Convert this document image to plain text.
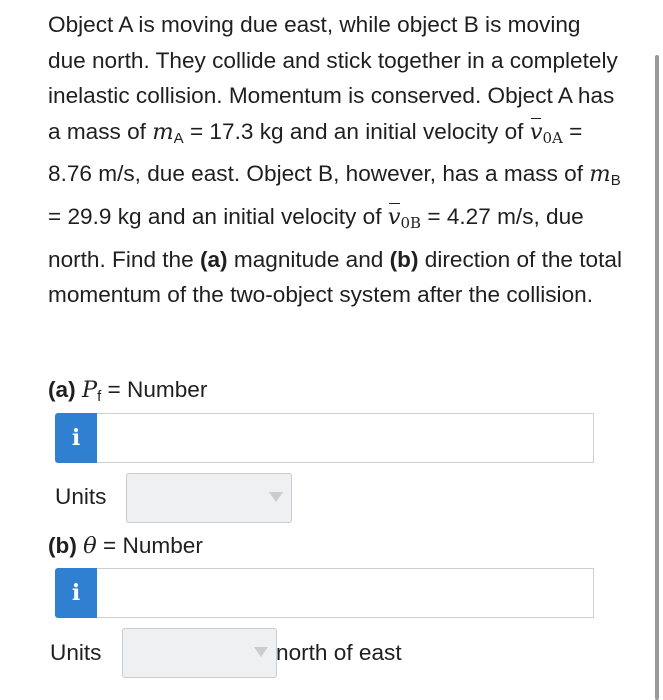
Object A is moving due east, while object B is moving due north. They collide and stick together in a completely inelastic collision. Momentum is conserved. Object A has a mass of $m_A = 17.3$ kg and an initial velocity of $v_{0A} = 8.76$ m/s, due east. Object B, however, has a mass of $m_B = 29.9$ kg and an initial velocity of $v_{0B} = 4.27$ m/s, due north. Find the (a) magnitude and (b) direction of the total momentum of the two-object system after the collision.
(a) $P_f$ = Number
i
Units
(b) θ = Number
i
Units	north of east
